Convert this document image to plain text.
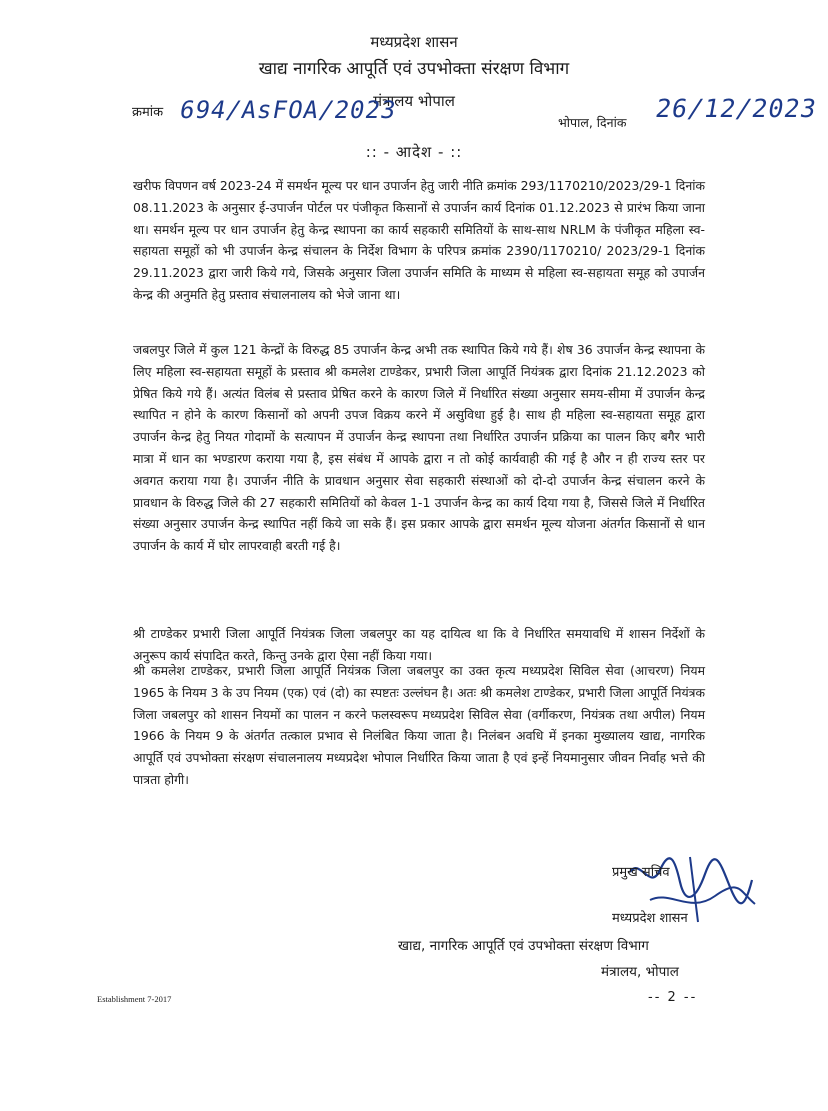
मध्यप्रदेश शासन
खाद्य नागरिक आपूर्ति एवं उपभोक्ता संरक्षण विभाग
मंत्रालय भोपाल
क्रमांक 694/AsFOA/2023	भोपाल, दिनांक 26/12/2023
:: - आदेश - ::

खरीफ विपणन वर्ष 2023-24 में समर्थन मूल्य पर धान उपार्जन हेतु जारी नीति क्रमांक 293/1170210/2023/29-1 दिनांक 08.11.2023 के अनुसार ई-उपार्जन पोर्टल पर पंजीकृत किसानों से उपार्जन कार्य दिनांक 01.12.2023 से प्रारंभ किया जाना था। समर्थन मूल्य पर धान उपार्जन हेतु केन्द्र स्थापना का कार्य सहकारी समितियों के साथ-साथ NRLM के पंजीकृत महिला स्व-सहायता समूहों को भी उपार्जन केन्द्र संचालन के निर्देश विभाग के परिपत्र क्रमांक 2390/1170210/ 2023/29-1 दिनांक 29.11.2023 द्वारा जारी किये गये, जिसके अनुसार जिला उपार्जन समिति के माध्यम से महिला स्व-सहायता समूह को उपार्जन केन्द्र की अनुमति हेतु प्रस्ताव संचालनालय को भेजे जाना था।

जबलपुर जिले में कुल 121 केन्द्रों के विरुद्ध 85 उपार्जन केन्द्र अभी तक स्थापित किये गये हैं। शेष 36 उपार्जन केन्द्र स्थापना के लिए महिला स्व-सहायता समूहों के प्रस्ताव श्री कमलेश टाण्डेकर, प्रभारी जिला आपूर्ति नियंत्रक द्वारा दिनांक 21.12.2023 को प्रेषित किये गये हैं। अत्यंत विलंब से प्रस्ताव प्रेषित करने के कारण जिले में निर्धारित संख्या अनुसार समय-सीमा में उपार्जन केन्द्र स्थापित न होने के कारण किसानों को अपनी उपज विक्रय करने में असुविधा हुई है। साथ ही महिला स्व-सहायता समूह द्वारा उपार्जन केन्द्र हेतु नियत गोदामों के सत्यापन में उपार्जन केन्द्र स्थापना तथा निर्धारित उपार्जन प्रक्रिया का पालन किए बगैर भारी मात्रा में धान का भण्डारण कराया गया है, इस संबंध में आपके द्वारा न तो कोई कार्यवाही की गई है और न ही राज्य स्तर पर अवगत कराया गया है। उपार्जन नीति के प्रावधान अनुसार सेवा सहकारी संस्थाओं को दो-दो उपार्जन केन्द्र संचालन करने के प्रावधान के विरुद्ध जिले की 27 सहकारी समितियों को केवल 1-1 उपार्जन केन्द्र का कार्य दिया गया है, जिससे जिले में निर्धारित संख्या अनुसार उपार्जन केन्द्र स्थापित नहीं किये जा सके हैं। इस प्रकार आपके द्वारा समर्थन मूल्य योजना अंतर्गत किसानों से धान उपार्जन के कार्य में घोर लापरवाही बरती गई है।

श्री टाण्डेकर प्रभारी जिला आपूर्ति नियंत्रक जिला जबलपुर का यह दायित्व था कि वे निर्धारित समयावधि में शासन निर्देशों के अनुरूप कार्य संपादित करते, किन्तु उनके द्वारा ऐसा नहीं किया गया।

श्री कमलेश टाण्डेकर, प्रभारी जिला आपूर्ति नियंत्रक जिला जबलपुर का उक्त कृत्य मध्यप्रदेश सिविल सेवा (आचरण) नियम 1965 के नियम 3 के उप नियम (एक) एवं (दो) का स्पष्टतः उल्लंघन है। अतः श्री कमलेश टाण्डेकर, प्रभारी जिला आपूर्ति नियंत्रक जिला जबलपुर को शासन नियमों का पालन न करने फलस्वरूप मध्यप्रदेश सिविल सेवा (वर्गीकरण, नियंत्रक तथा अपील) नियम 1966 के नियम 9 के अंतर्गत तत्काल प्रभाव से निलंबित किया जाता है। निलंबन अवधि में इनका मुख्यालय खाद्य, नागरिक आपूर्ति एवं उपभोक्ता संरक्षण संचालनालय मध्यप्रदेश भोपाल निर्धारित किया जाता है एवं इन्हें नियमानुसार जीवन निर्वाह भत्ते की पात्रता होगी।

प्रमुख सचिव
मध्यप्रदेश शासन
खाद्य, नागरिक आपूर्ति एवं उपभोक्ता संरक्षण विभाग
मंत्रालय, भोपाल
Establishment 7-2017	-- 2 --
